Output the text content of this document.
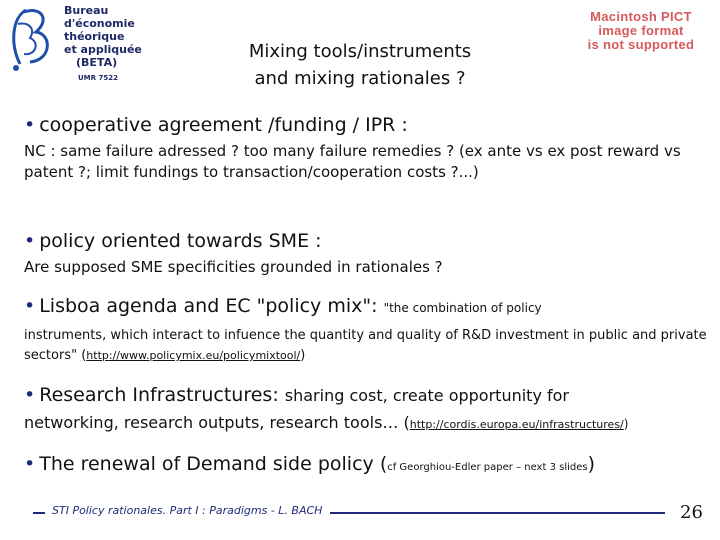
Bureau
d'économie
théorique
et appliquée
(BETA)
UMR 7522
Mixing tools/instruments
and mixing rationales ?
Macintosh PICT
image format
is not supported
• cooperative agreement /funding / IPR :
NC : same failure adressed ? too many failure remedies ? (ex ante vs ex post reward vs patent ?; limit fundings to transaction/cooperation costs ?...)
• policy oriented towards SME :
Are supposed SME specificities grounded in rationales ?
• Lisboa agenda and EC "policy mix": "the combination of policy
instruments, which interact to infuence the quantity and quality of R&D investment in public and private sectors" (http://www.policymix.eu/policymixtool/)
• Research Infrastructures: sharing cost, create opportunity for
networking, research outputs, research tools… (http://cordis.europa.eu/infrastructures/)
• The renewal of Demand side policy (cf Georghiou-Edler paper – next 3 slides)
STI Policy rationales. Part I : Paradigms - L. BACH	26
